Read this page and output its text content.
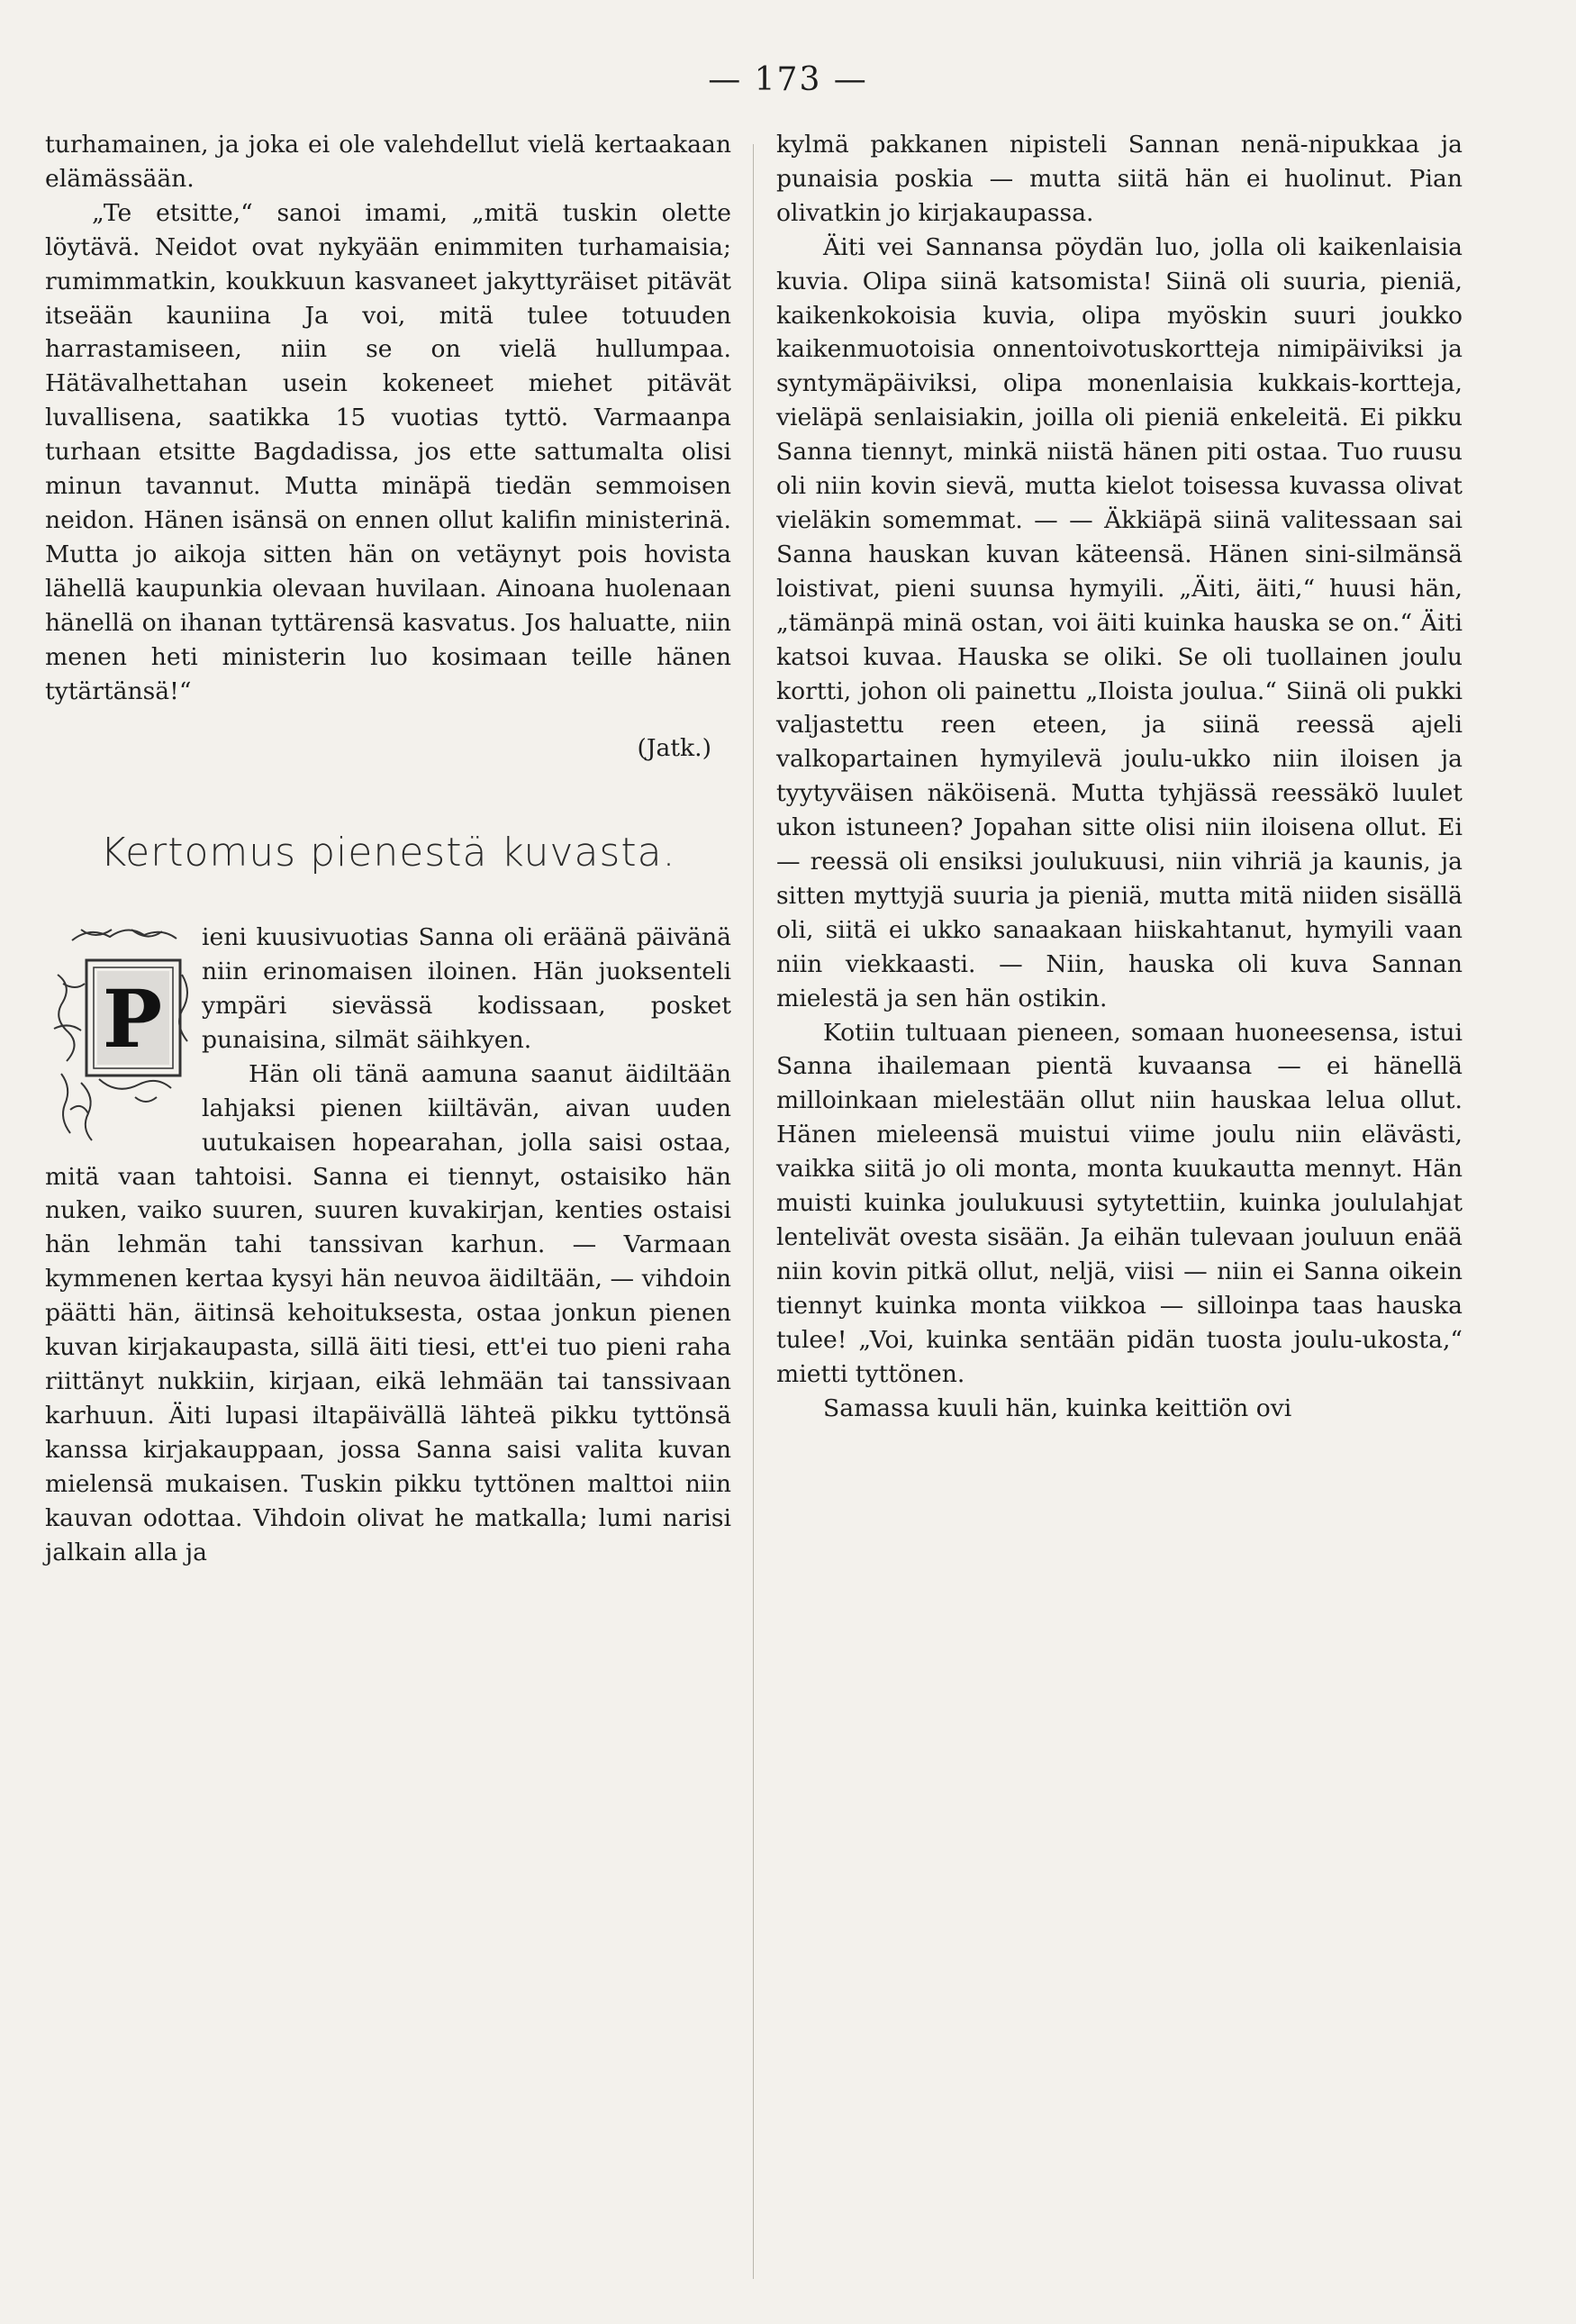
— 173 —

turhamainen, ja joka ei ole valehdellut vielä kertaakaan elämässään.

„Te etsitte,“ sanoi imami, „mitä tuskin olette löytävä. Neidot ovat nykyään enimmiten turhamaisia; rumimmatkin, koukkuun kasvaneet jakyttyräiset pitävät itseään kauniina Ja voi, mitä tulee totuuden harrastamiseen, niin se on vielä hullumpaa. Hätävalhettahan usein kokeneet miehet pitävät luvallisena, saatikka 15 vuotias tyttö. Varmaanpa turhaan etsitte Bagdadissa, jos ette sattumalta olisi minun tavannut. Mutta minäpä tiedän semmoisen neidon. Hänen isänsä on ennen ollut kalifin ministerinä. Mutta jo aikoja sitten hän on vetäynyt pois hovista lähellä kaupunkia olevaan huvilaan. Ainoana huolenaan hänellä on ihanan tyttärensä kasvatus. Jos haluatte, niin menen heti ministerin luo kosimaan teille hänen tytärtänsä!“

(Jatk.)

Kertomus pienestä kuvasta.
P

ieni kuusivuotias Sanna oli eräänä päivänä niin erinomaisen iloinen. Hän juoksenteli ympäri sievässä kodissaan, posket punaisina, silmät säihkyen.

Hän oli tänä aamuna saanut äidiltään lahjaksi pienen kiiltävän, aivan uuden uutukaisen hopearahan, jolla saisi ostaa, mitä vaan tahtoisi. Sanna ei tiennyt, ostaisiko hän nuken, vaiko suuren, suuren kuvakirjan, kenties ostaisi hän lehmän tahi tanssivan karhun. — Varmaan kymmenen kertaa kysyi hän neuvoa äidiltään, — vihdoin päätti hän, äitinsä kehoituksesta, ostaa jonkun pienen kuvan kirjakaupasta, sillä äiti tiesi, ett'ei tuo pieni raha riittänyt nukkiin, kirjaan, eikä lehmään tai tanssivaan karhuun. Äiti lupasi iltapäivällä lähteä pikku tyttönsä kanssa kirjakauppaan, jossa Sanna saisi valita kuvan mielensä mukaisen. Tuskin pikku tyttönen malttoi niin kauvan odottaa. Vihdoin olivat he matkalla; lumi narisi jalkain alla ja

kylmä pakkanen nipisteli Sannan nenä-nipukkaa ja punaisia poskia — mutta siitä hän ei huolinut. Pian olivatkin jo kirjakaupassa.

Äiti vei Sannansa pöydän luo, jolla oli kaikenlaisia kuvia. Olipa siinä katsomista! Siinä oli suuria, pieniä, kaikenkokoisia kuvia, olipa myöskin suuri joukko kaikenmuotoisia onnentoivotuskortteja nimipäiviksi ja syntymäpäiviksi, olipa monenlaisia kukkais-kortteja, vieläpä senlaisiakin, joilla oli pieniä enkeleitä. Ei pikku Sanna tiennyt, minkä niistä hänen piti ostaa. Tuo ruusu oli niin kovin sievä, mutta kielot toisessa kuvassa olivat vieläkin somemmat. — — Äkkiäpä siinä valitessaan sai Sanna hauskan kuvan käteensä. Hänen sini-silmänsä loistivat, pieni suunsa hymyili. „Äiti, äiti,“ huusi hän, „tämänpä minä ostan, voi äiti kuinka hauska se on.“ Äiti katsoi kuvaa. Hauska se oliki. Se oli tuollainen joulu kortti, johon oli painettu „Iloista joulua.“ Siinä oli pukki valjastettu reen eteen, ja siinä reessä ajeli valkopartainen hymyilevä joulu-ukko niin iloisen ja tyytyväisen näköisenä. Mutta tyhjässä reessäkö luulet ukon istuneen? Jopahan sitte olisi niin iloisena ollut. Ei — reessä oli ensiksi joulukuusi, niin vihriä ja kaunis, ja sitten myttyjä suuria ja pieniä, mutta mitä niiden sisällä oli, siitä ei ukko sanaakaan hiiskahtanut, hymyili vaan niin viekkaasti. — Niin, hauska oli kuva Sannan mielestä ja sen hän ostikin.

Kotiin tultuaan pieneen, somaan huoneesensa, istui Sanna ihailemaan pientä kuvaansa — ei hänellä milloinkaan mielestään ollut niin hauskaa lelua ollut. Hänen mieleensä muistui viime joulu niin elävästi, vaikka siitä jo oli monta, monta kuukautta mennyt. Hän muisti kuinka joulukuusi sytytettiin, kuinka joululahjat lentelivät ovesta sisään. Ja eihän tulevaan jouluun enää niin kovin pitkä ollut, neljä, viisi — niin ei Sanna oikein tiennyt kuinka monta viikkoa — silloinpa taas hauska tulee! „Voi, kuinka sentään pidän tuosta joulu-ukosta,“ mietti tyttönen.

Samassa kuuli hän, kuinka keittiön ovi
